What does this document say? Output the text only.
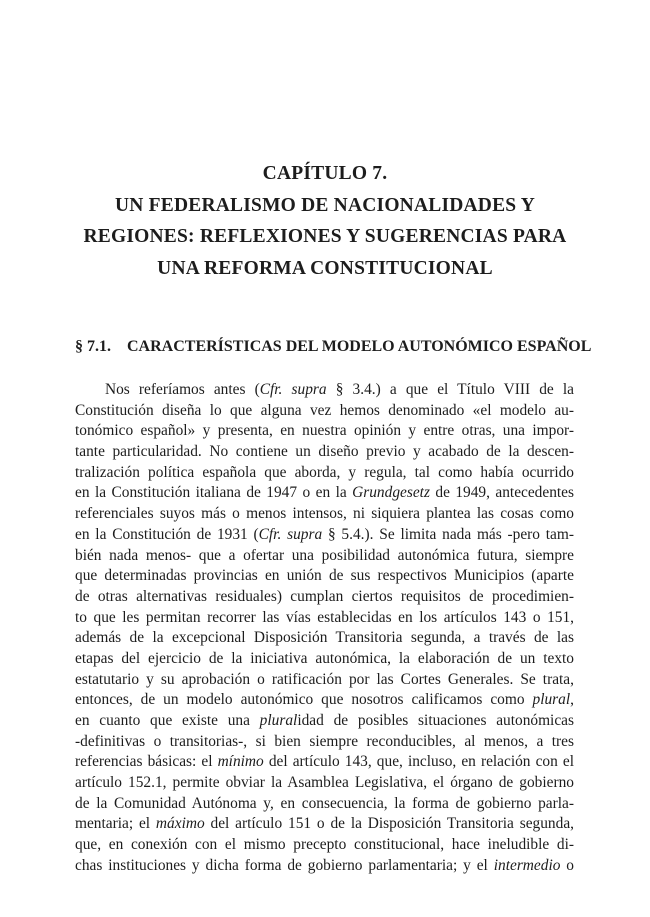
CAPÍTULO 7.
UN FEDERALISMO DE NACIONALIDADES Y
REGIONES: REFLEXIONES Y SUGERENCIAS PARA
UNA REFORMA CONSTITUCIONAL
§ 7.1. CARACTERÍSTICAS DEL MODELO AUTONÓMICO ESPAÑOL
Nos referíamos antes (Cfr. supra § 3.4.) a que el Título VIII de la
Constitución diseña lo que alguna vez hemos denominado «el modelo au-
tonómico español» y presenta, en nuestra opinión y entre otras, una impor-
tante particularidad. No contiene un diseño previo y acabado de la descen-
tralización política española que aborda, y regula, tal como había ocurrido
en la Constitución italiana de 1947 o en la Grundgesetz de 1949, antecedentes
referenciales suyos más o menos intensos, ni siquiera plantea las cosas como
en la Constitución de 1931 (Cfr. supra § 5.4.). Se limita nada más -pero tam-
bién nada menos- que a ofertar una posibilidad autonómica futura, siempre
que determinadas provincias en unión de sus respectivos Municipios (aparte
de otras alternativas residuales) cumplan ciertos requisitos de procedimien-
to que les permitan recorrer las vías establecidas en los artículos 143 o 151,
además de la excepcional Disposición Transitoria segunda, a través de las
etapas del ejercicio de la iniciativa autonómica, la elaboración de un texto
estatutario y su aprobación o ratificación por las Cortes Generales. Se trata,
entonces, de un modelo autonómico que nosotros calificamos como plural,
en cuanto que existe una pluralidad de posibles situaciones autonómicas
-definitivas o transitorias-, si bien siempre reconducibles, al menos, a tres
referencias básicas: el mínimo del artículo 143, que, incluso, en relación con el
artículo 152.1, permite obviar la Asamblea Legislativa, el órgano de gobierno
de la Comunidad Autónoma y, en consecuencia, la forma de gobierno parla-
mentaria; el máximo del artículo 151 o de la Disposición Transitoria segunda,
que, en conexión con el mismo precepto constitucional, hace ineludible di-
chas instituciones y dicha forma de gobierno parlamentaria; y el intermedio o
